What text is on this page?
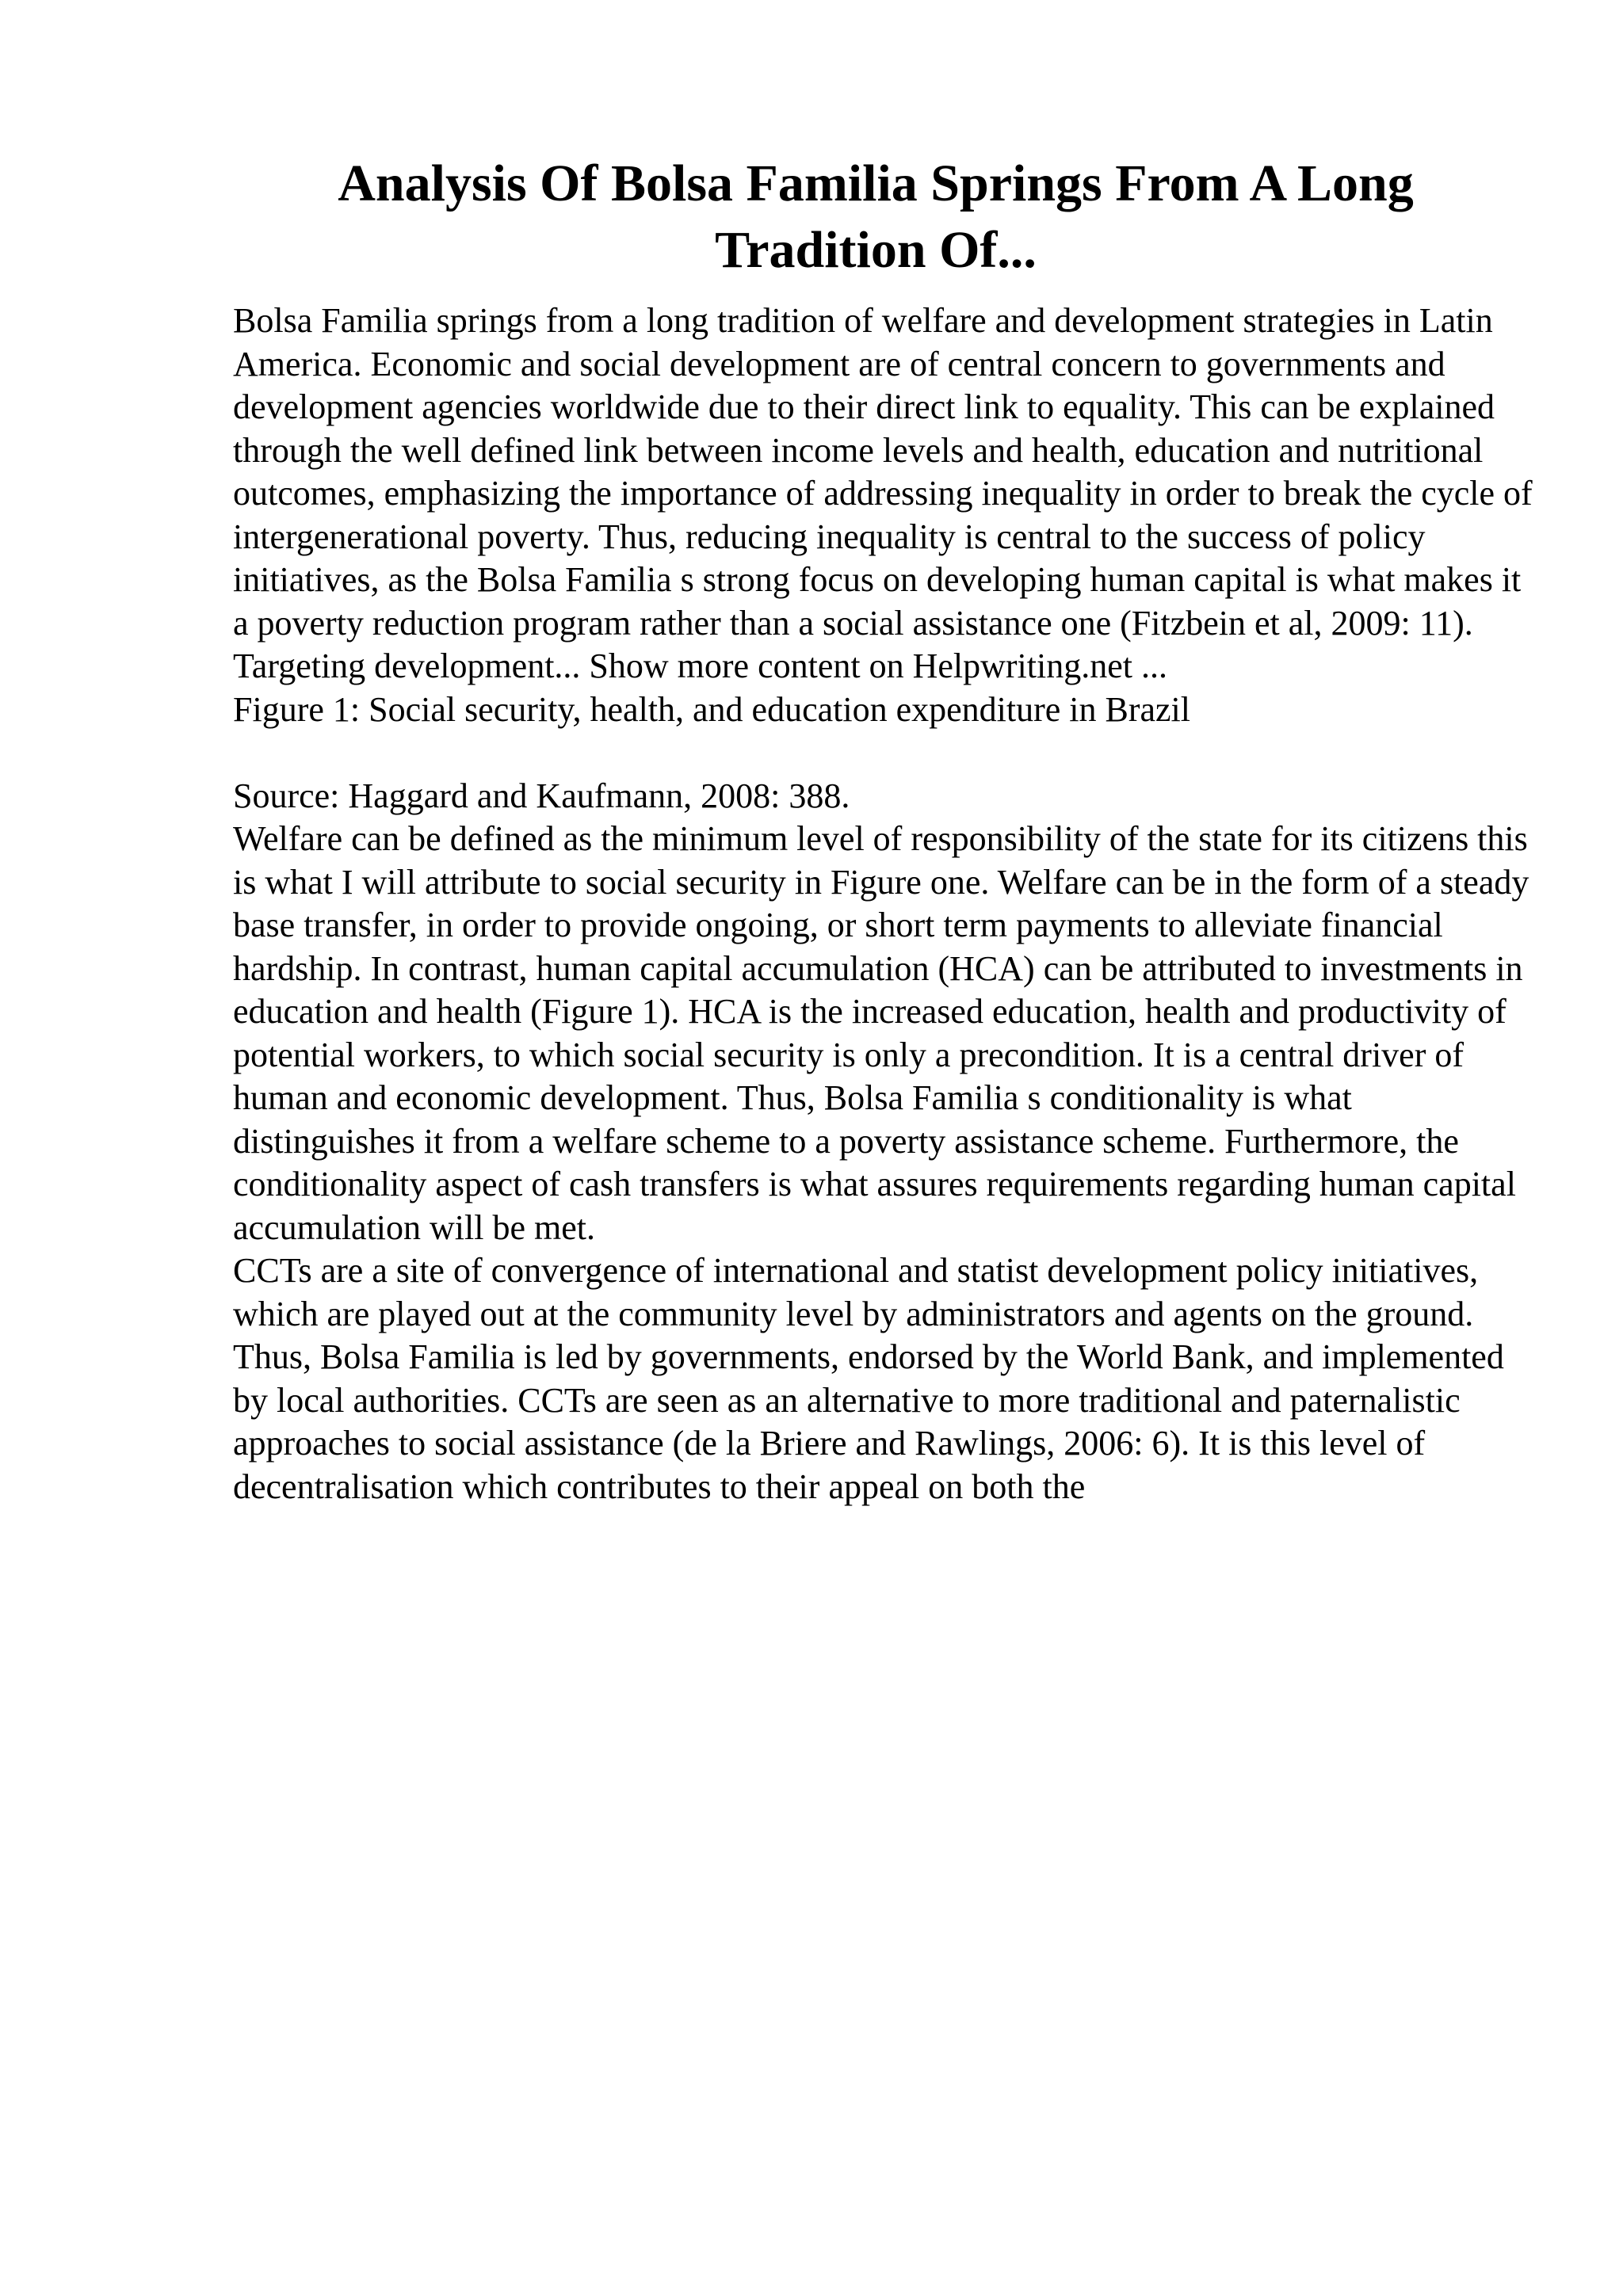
Analysis Of Bolsa Familia Springs From A Long Tradition Of...

Bolsa Familia springs from a long tradition of welfare and development strategies in Latin America. Economic and social development are of central concern to governments and development agencies worldwide due to their direct link to equality. This can be explained through the well defined link between income levels and health, education and nutritional outcomes, emphasizing the importance of addressing inequality in order to break the cycle of intergenerational poverty. Thus, reducing inequality is central to the success of policy initiatives, as the Bolsa Familia s strong focus on developing human capital is what makes it a poverty reduction program rather than a social assistance one (Fitzbein et al, 2009: 11). Targeting development... Show more content on Helpwriting.net ...

Figure 1: Social security, health, and education expenditure in Brazil

Source: Haggard and Kaufmann, 2008: 388.

Welfare can be defined as the minimum level of responsibility of the state for its citizens this is what I will attribute to social security in Figure one. Welfare can be in the form of a steady base transfer, in order to provide ongoing, or short term payments to alleviate financial hardship. In contrast, human capital accumulation (HCA) can be attributed to investments in education and health (Figure 1). HCA is the increased education, health and productivity of potential workers, to which social security is only a precondition. It is a central driver of human and economic development. Thus, Bolsa Familia s conditionality is what distinguishes it from a welfare scheme to a poverty assistance scheme. Furthermore, the conditionality aspect of cash transfers is what assures requirements regarding human capital accumulation will be met.

CCTs are a site of convergence of international and statist development policy initiatives, which are played out at the community level by administrators and agents on the ground. Thus, Bolsa Familia is led by governments, endorsed by the World Bank, and implemented by local authorities. CCTs are seen as an alternative to more traditional and paternalistic approaches to social assistance (de la Briere and Rawlings, 2006: 6). It is this level of decentralisation which contributes to their appeal on both the
